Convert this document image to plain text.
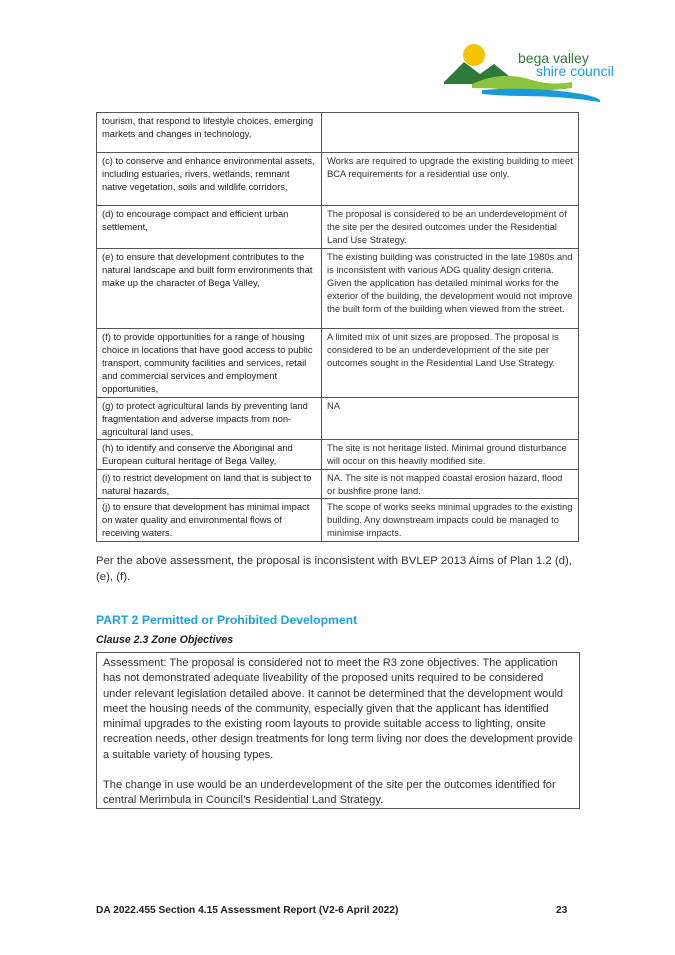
bega valley
shire council
tourism, that respond to lifestyle choices, emerging markets and changes in technology,	
(c) to conserve and enhance environmental assets, including estuaries, rivers, wetlands, remnant native vegetation, soils and wildlife corridors,	Works are required to upgrade the existing building to meet BCA requirements for a residential use only.
(d) to encourage compact and efficient urban settlement,	The proposal is considered to be an underdevelopment of the site per the desired outcomes under the Residential Land Use Strategy.
(e) to ensure that development contributes to the natural landscape and built form environments that make up the character of Bega Valley,	The existing building was constructed in the late 1980s and is inconsistent with various ADG quality design criteria. Given the application has detailed minimal works for the exterior of the building, the development would not improve the built form of the building when viewed from the street.
(f) to provide opportunities for a range of housing choice in locations that have good access to public transport, community facilities and services, retail and commercial services and employment opportunities,	A limited mix of unit sizes are proposed. The proposal is considered to be an underdevelopment of the site per outcomes sought in the Residential Land Use Strategy.
(g) to protect agricultural lands by preventing land fragmentation and adverse impacts from non-agricultural land uses,	NA
(h) to identify and conserve the Aboriginal and European cultural heritage of Bega Valley,	The site is not heritage listed. Minimal ground disturbance will occur on this heavily modified site.
(i) to restrict development on land that is subject to natural hazards,	NA. The site is not mapped coastal erosion hazard, flood or bushfire prone land.
(j) to ensure that development has minimal impact on water quality and environmental flows of receiving waters.	The scope of works seeks minimal upgrades to the existing building. Any downstream impacts could be managed to minimise impacts.
Per the above assessment, the proposal is inconsistent with BVLEP 2013 Aims of Plan 1.2 (d), (e), (f).
PART 2 Permitted or Prohibited Development
Clause 2.3 Zone Objectives

Assessment: The proposal is considered not to meet the R3 zone objectives. The application has not demonstrated adequate liveability of the proposed units required to be considered under relevant legislation detailed above. It cannot be determined that the development would meet the housing needs of the community, especially given that the applicant has identified minimal upgrades to the existing room layouts to provide suitable access to lighting, onsite recreation needs, other design treatments for long term living nor does the development provide a suitable variety of housing types.

The change in use would be an underdevelopment of the site per the outcomes identified for central Merimbula in Council’s Residential Land Strategy.

DA 2022.455 Section 4.15 Assessment Report (V2-6 April 2022)	23
